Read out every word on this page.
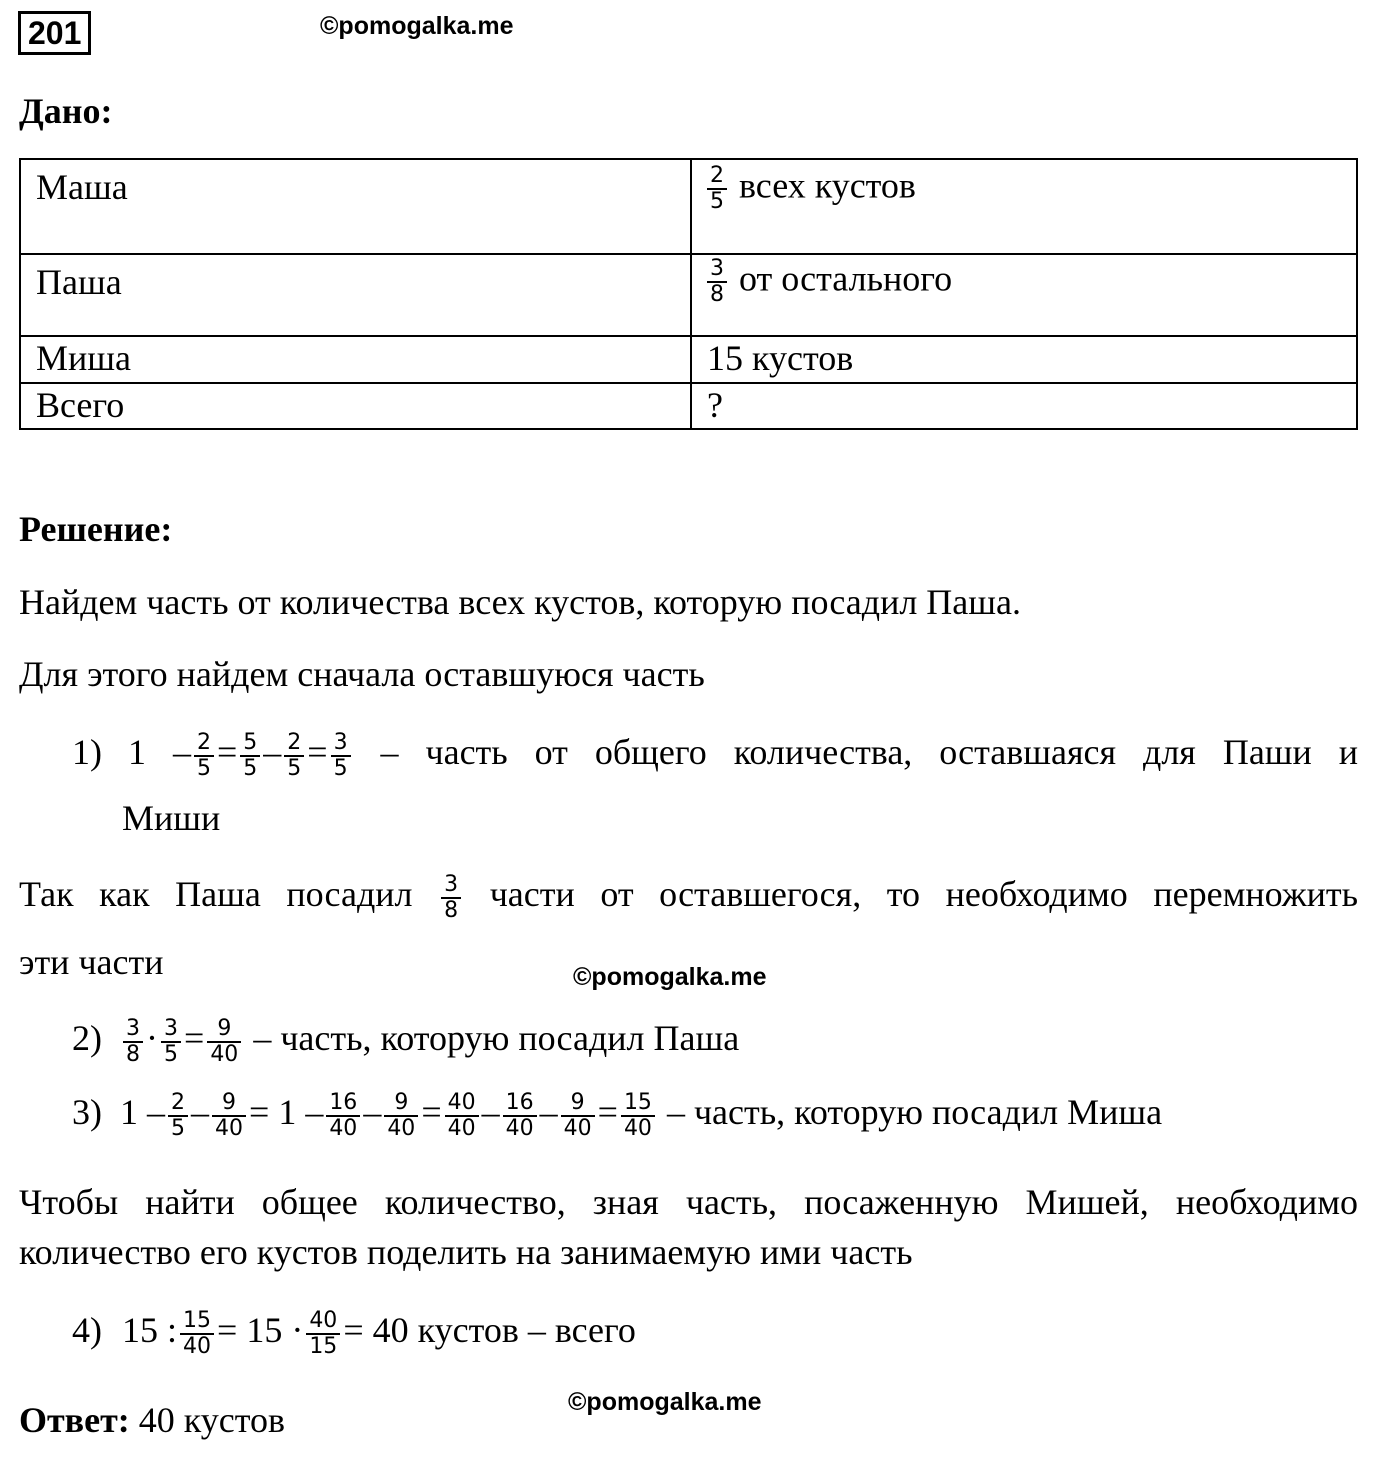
201	©pomogalka.me
Дано:
Маша	$\frac{2}{5}$ всех кустов
Паша	$\frac{3}{8}$ от остального
Миша	15 кустов
Всего	?
Решение:
Найдем часть от количества всех кустов, которую посадил Паша.
Для этого найдем сначала оставшуюся часть
1) $1 - \frac{2}{5} = \frac{5}{5} - \frac{2}{5} = \frac{3}{5}$ – часть от общего количества, оставшаяся для Паши и
Миши
Так как Паша посадил $\frac{3}{8}$ части от оставшегося, то необходимо перемножить
эти части	©pomogalka.me
$2) \frac{3}{8} \cdot \frac{3}{5} = \frac{9}{40}$ – часть, которую посадил Паша
3) $1 - \frac{2}{5} - \frac{9}{40} = 1 - \frac{16}{40} - \frac{9}{40} = \frac{40}{40} - \frac{16}{40} - \frac{9}{40} = \frac{15}{40}$ – часть, которую посадил Миша
Чтобы найти общее количество, зная часть, посаженную Мишей, необходимо
количество его кустов поделить на занимаемую ими часть
4) 15 : $\frac{15}{40} = 15 \cdot \frac{40}{15} = 40$ кустов – всего
Ответ: 40 кустов	©pomogalka.me
